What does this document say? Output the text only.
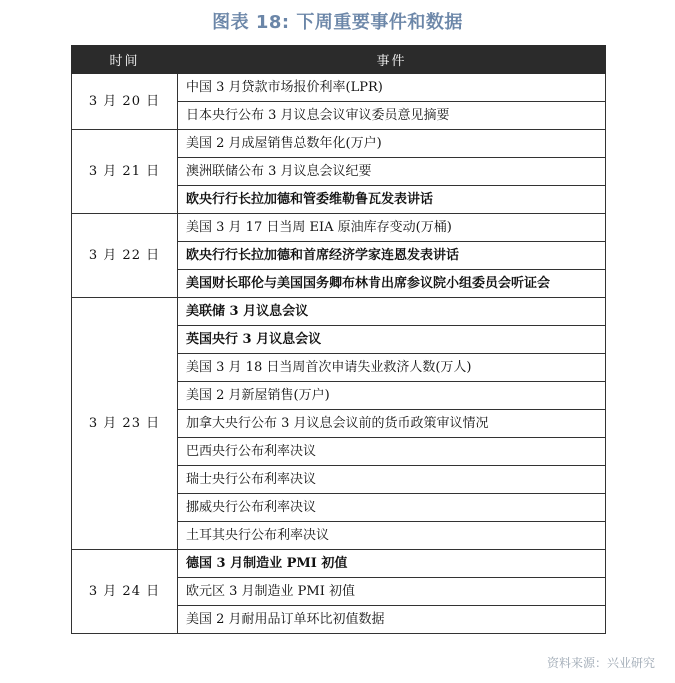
图表 18: 下周重要事件和数据
时间	事件
3 月 20 日	中国 3 月贷款市场报价利率(LPR)
	日本央行公布 3 月议息会议审议委员意见摘要
3 月 21 日	美国 2 月成屋销售总数年化(万户)
	澳洲联储公布 3 月议息会议纪要
	欧央行行长拉加德和管委维勒鲁瓦发表讲话
3 月 22 日	美国 3 月 17 日当周 EIA 原油库存变动(万桶)
	欧央行行长拉加德和首席经济学家连恩发表讲话
	美国财长耶伦与美国国务卿布林肯出席参议院小组委员会听证会
3 月 23 日	美联储 3 月议息会议
	英国央行 3 月议息会议
	美国 3 月 18 日当周首次申请失业救济人数(万人)
	美国 2 月新屋销售(万户)
	加拿大央行公布 3 月议息会议前的货币政策审议情况
	巴西央行公布利率决议
	瑞士央行公布利率决议
	挪威央行公布利率决议
	土耳其央行公布利率决议
3 月 24 日	德国 3 月制造业 PMI 初值
	欧元区 3 月制造业 PMI 初值
	美国 2 月耐用品订单环比初值数据
资料来源：兴业研究
